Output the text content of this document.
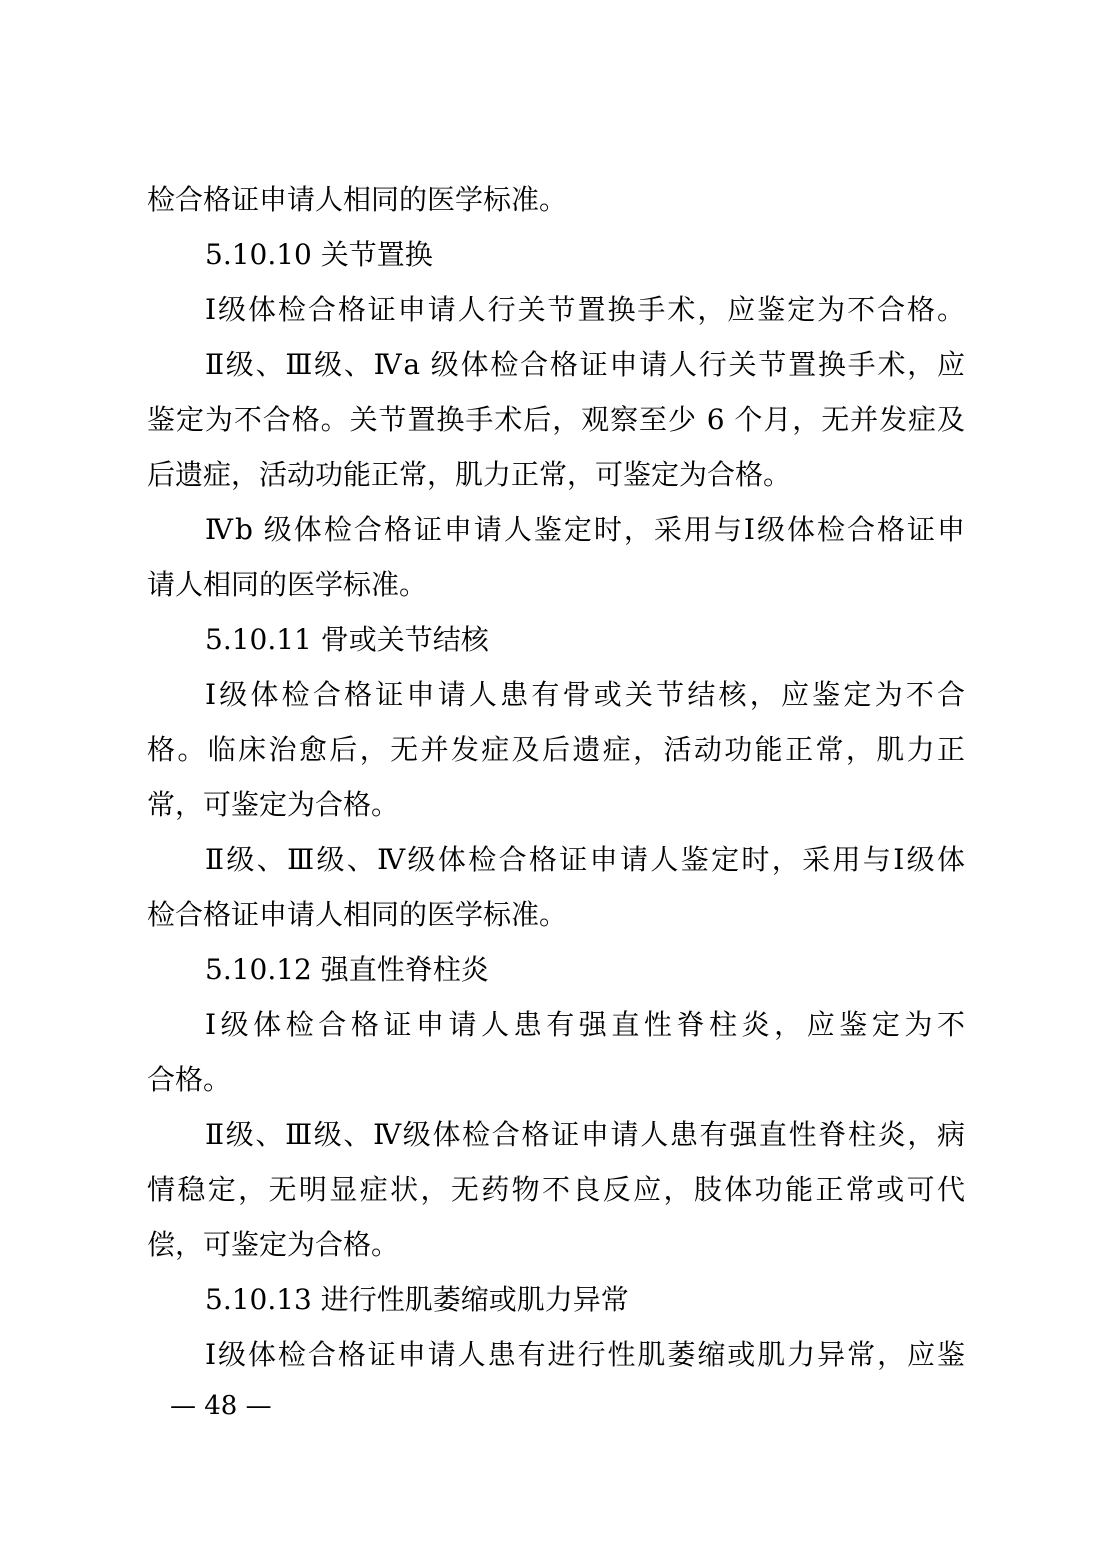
检合格证申请人相同的医学标准。
5.10.10 关节置换
Ⅰ级体检合格证申请人行关节置换手术，应鉴定为不合格。
Ⅱ级、Ⅲ级、Ⅳa 级体检合格证申请人行关节置换手术，应
鉴定为不合格。关节置换手术后，观察至少 6 个月，无并发症及
后遗症，活动功能正常，肌力正常，可鉴定为合格。
Ⅳb 级体检合格证申请人鉴定时，采用与Ⅰ级体检合格证申
请人相同的医学标准。
5.10.11 骨或关节结核
Ⅰ级体检合格证申请人患有骨或关节结核，应鉴定为不合
格。临床治愈后，无并发症及后遗症，活动功能正常，肌力正
常，可鉴定为合格。
Ⅱ级、Ⅲ级、Ⅳ级体检合格证申请人鉴定时，采用与Ⅰ级体
检合格证申请人相同的医学标准。
5.10.12 强直性脊柱炎
Ⅰ级体检合格证申请人患有强直性脊柱炎，应鉴定为不
合格。
Ⅱ级、Ⅲ级、Ⅳ级体检合格证申请人患有强直性脊柱炎，病
情稳定，无明显症状，无药物不良反应，肢体功能正常或可代
偿，可鉴定为合格。
5.10.13 进行性肌萎缩或肌力异常
Ⅰ级体检合格证申请人患有进行性肌萎缩或肌力异常，应鉴
— 48 —
